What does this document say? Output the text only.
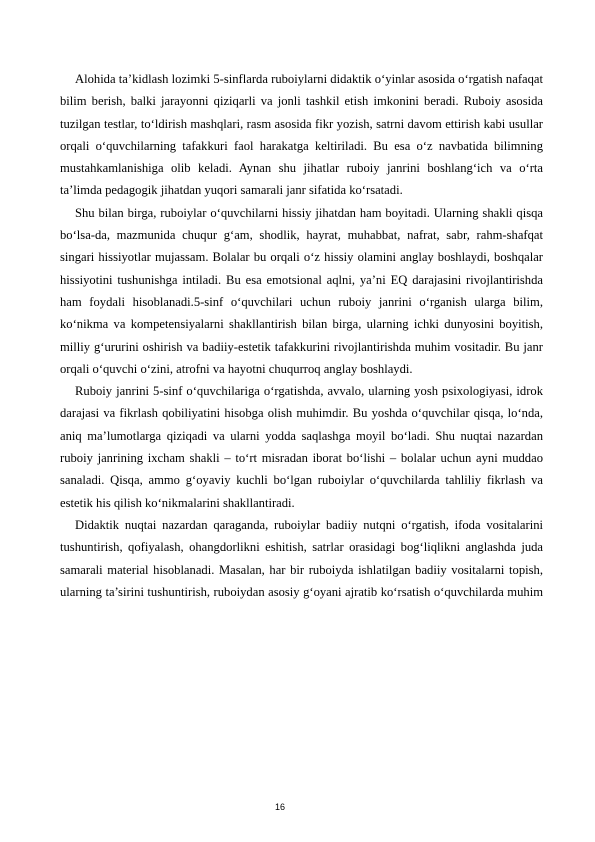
Alohida ta’kidlash lozimki 5-sinflarda ruboiylarni didaktik o‘yinlar asosida o‘rgatish nafaqat bilim berish, balki jarayonni qiziqarli va jonli tashkil etish imkonini beradi. Ruboiy asosida tuzilgan testlar, to‘ldirish mashqlari, rasm asosida fikr yozish, satrni davom ettirish kabi usullar orqali o‘quvchilarning tafakkuri faol harakatga keltiriladi. Bu esa o‘z navbatida bilimning mustahkamlanishiga olib keladi. Aynan shu jihatlar ruboiy janrini boshlang‘ich va o‘rta ta’limda pedagogik jihatdan yuqori samarali janr sifatida ko‘rsatadi.

Shu bilan birga, ruboiylar o‘quvchilarni hissiy jihatdan ham boyitadi. Ularning shakli qisqa bo‘lsa-da, mazmunida chuqur g‘am, shodlik, hayrat, muhabbat, nafrat, sabr, rahm-shafqat singari hissiyotlar mujassam. Bolalar bu orqali o‘z hissiy olamini anglay boshlaydi, boshqalar hissiyotini tushunishga intiladi. Bu esa emotsional aqlni, ya’ni EQ darajasini rivojlantirishda ham foydali hisoblanadi.5-sinf o‘quvchilari uchun ruboiy janrini o‘rganish ularga bilim, ko‘nikma va kompetensiyalarni shakllantirish bilan birga, ularning ichki dunyosini boyitish, milliy g‘ururini oshirish va badiiy-estetik tafakkurini rivojlantirishda muhim vositadir. Bu janr orqali o‘quvchi o‘zini, atrofni va hayotni chuqurroq anglay boshlaydi.

Ruboiy janrini 5-sinf o‘quvchilariga o‘rgatishda, avvalo, ularning yosh psixologiyasi, idrok darajasi va fikrlash qobiliyatini hisobga olish muhimdir. Bu yoshda o‘quvchilar qisqa, lo‘nda, aniq ma’lumotlarga qiziqadi va ularni yodda saqlashga moyil bo‘ladi. Shu nuqtai nazardan ruboiy janrining ixcham shakli – to‘rt misradan iborat bo‘lishi – bolalar uchun ayni muddao sanaladi. Qisqa, ammo g‘oyaviy kuchli bo‘lgan ruboiylar o‘quvchilarda tahliliy fikrlash va estetik his qilish ko‘nikmalarini shakllantiradi.

Didaktik nuqtai nazardan qaraganda, ruboiylar badiiy nutqni o‘rgatish, ifoda vositalarini tushuntirish, qofiyalash, ohangdorlikni eshitish, satrlar orasidagi bog‘liqlikni anglashda juda samarali material hisoblanadi. Masalan, har bir ruboiyda ishlatilgan badiiy vositalarni topish, ularning ta’sirini tushuntirish, ruboiydan asosiy g‘oyani ajratib ko‘rsatish o‘quvchilarda muhim

16
